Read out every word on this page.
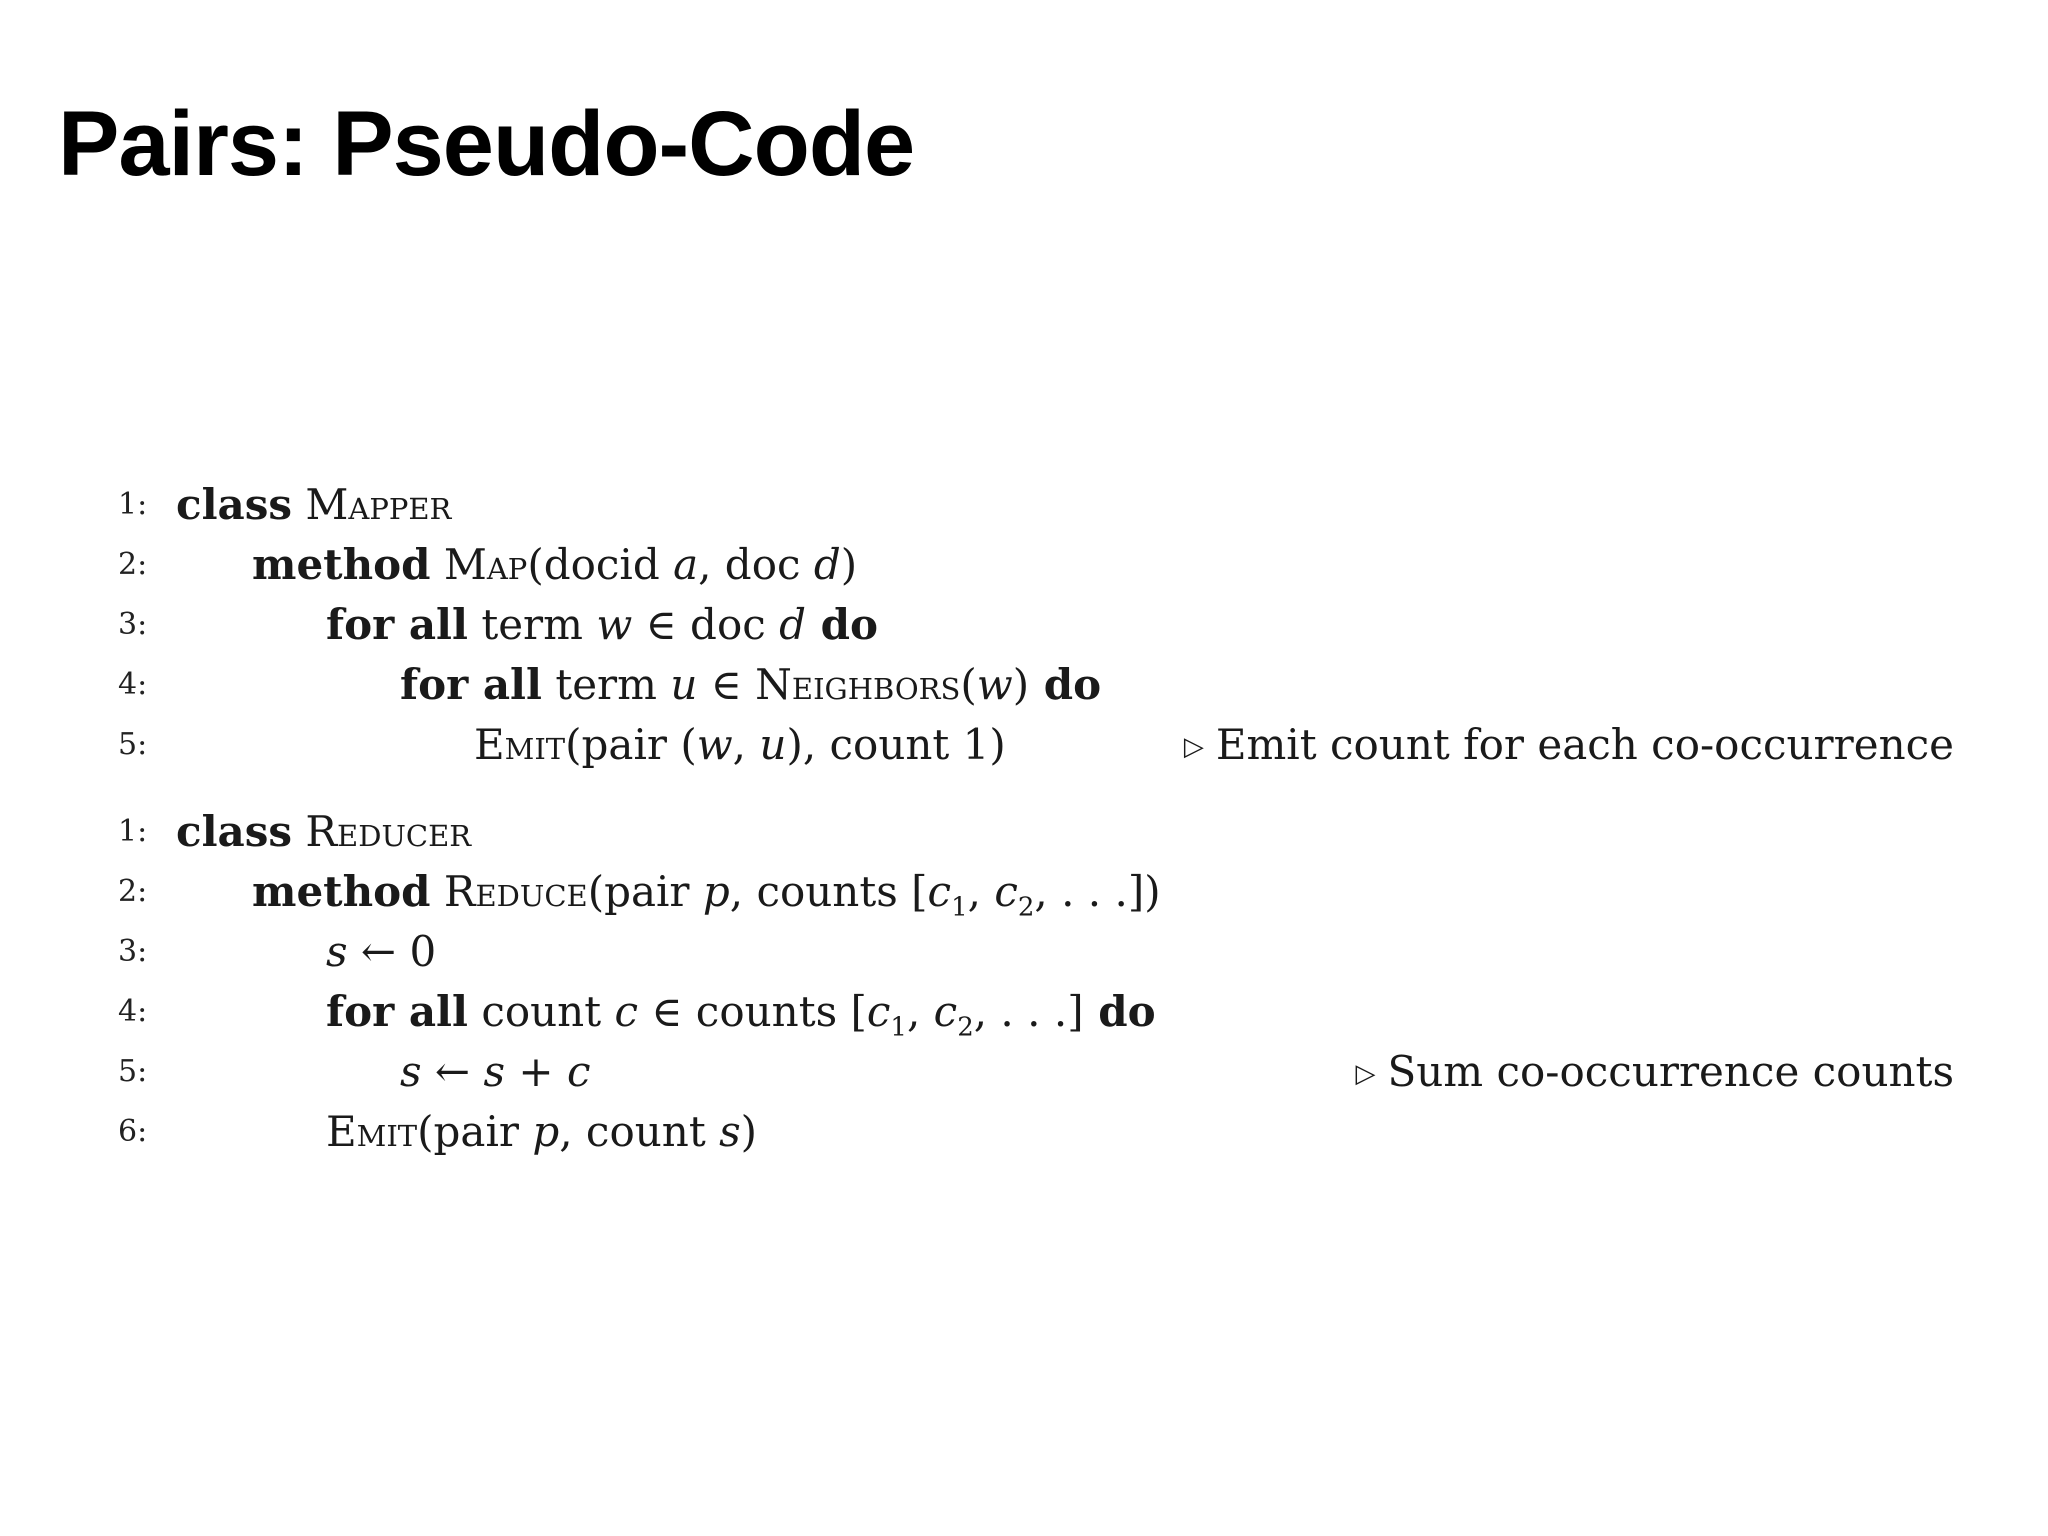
Pairs: Pseudo-Code
1: class Mapper
2: method Map(docid a, doc d)
3:	for all term w ∈ doc d do
4:	for all term u ∈ Neighbors(w) do
5:	Emit(pair (w, u), count 1)	▷ Emit count for each co-occurrence
1: class Reducer
2: method Reduce(pair p, counts [$c_1$, $c_2$, . . .])
3:	s ← 0
4:	for all count c ∈ counts [$c_1$, $c_2$, . . .] do
5:	s ← s + c	▷ Sum co-occurrence counts
6:	Emit(pair p, count s)
